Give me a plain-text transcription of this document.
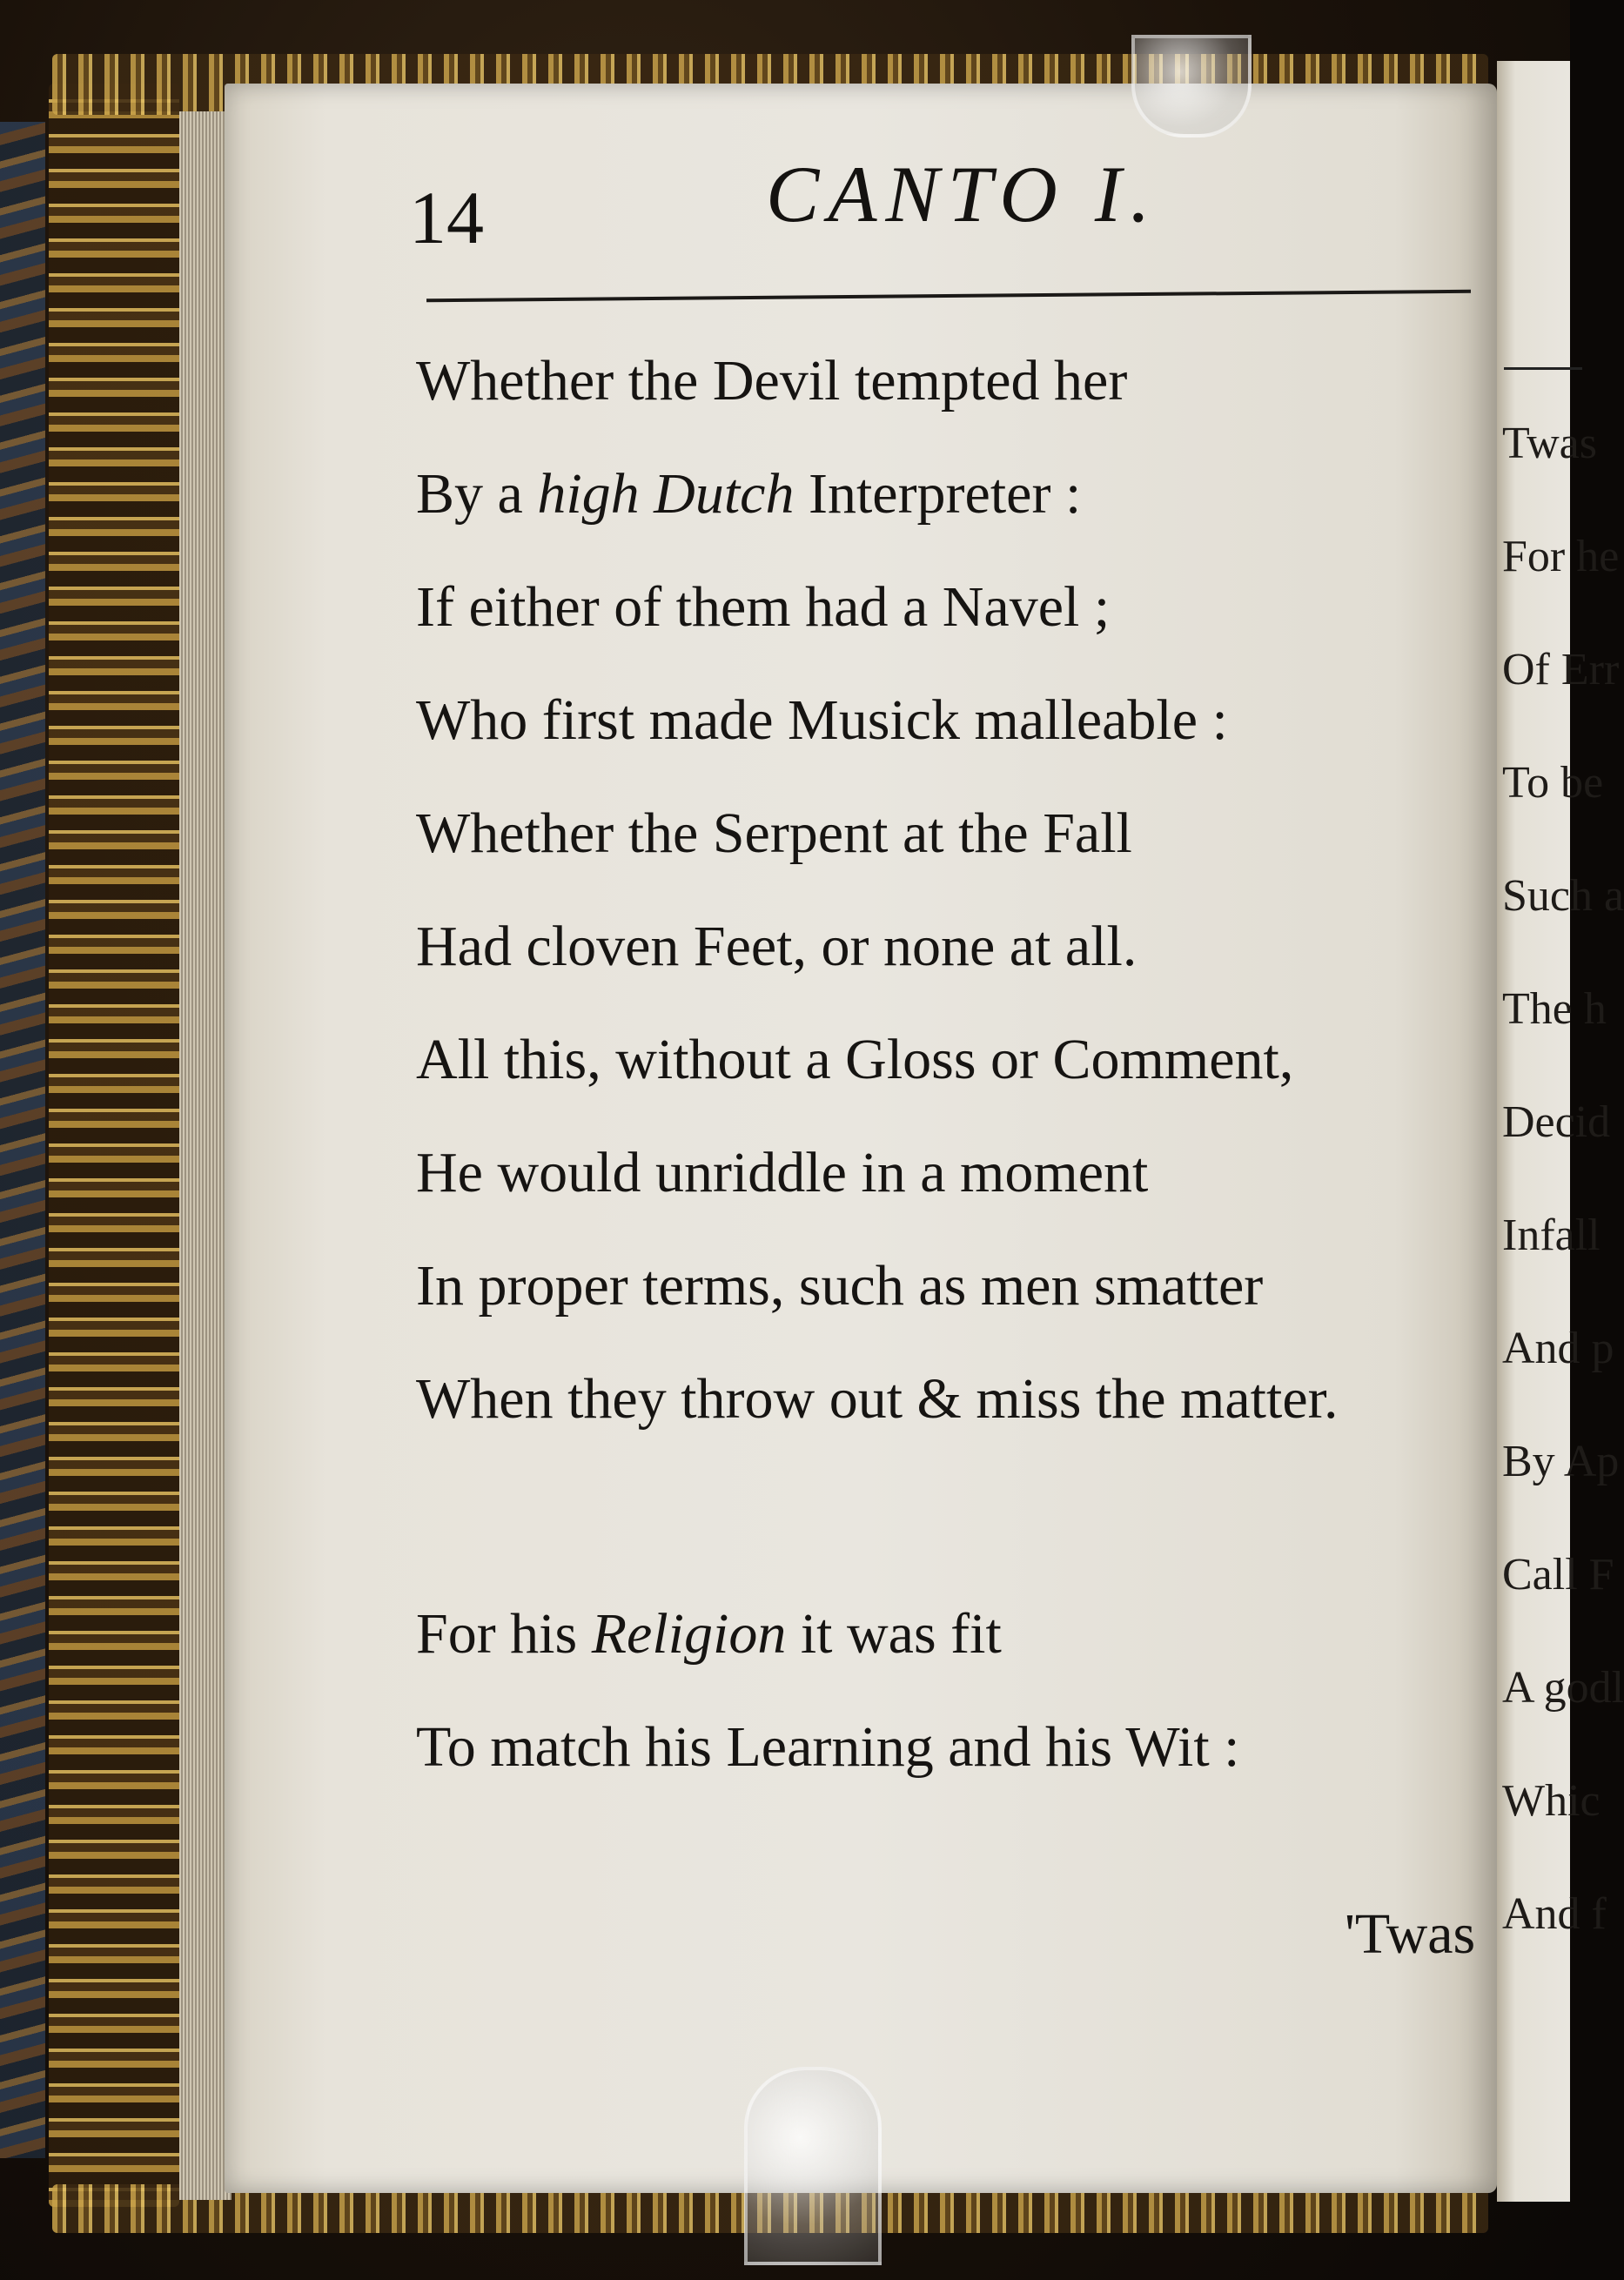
Twas
For he
Of Err
To be
Such a
The h
Decid
Infall
And p
By Ap
Call F
A godl
Whic
And f
14	CANTO I.
Whether the Devil tempted her
By a high Dutch Interpreter :
If either of them had a Navel ;
Who first made Musick malleable :
Whether the Serpent at the Fall
Had cloven Feet, or none at all.
All this, without a Gloss or Comment,
He would unriddle in a moment
In proper terms, such as men smatter
When they throw out & miss the matter.
For his Religion it was fit
To match his Learning and his Wit :
'Twas
